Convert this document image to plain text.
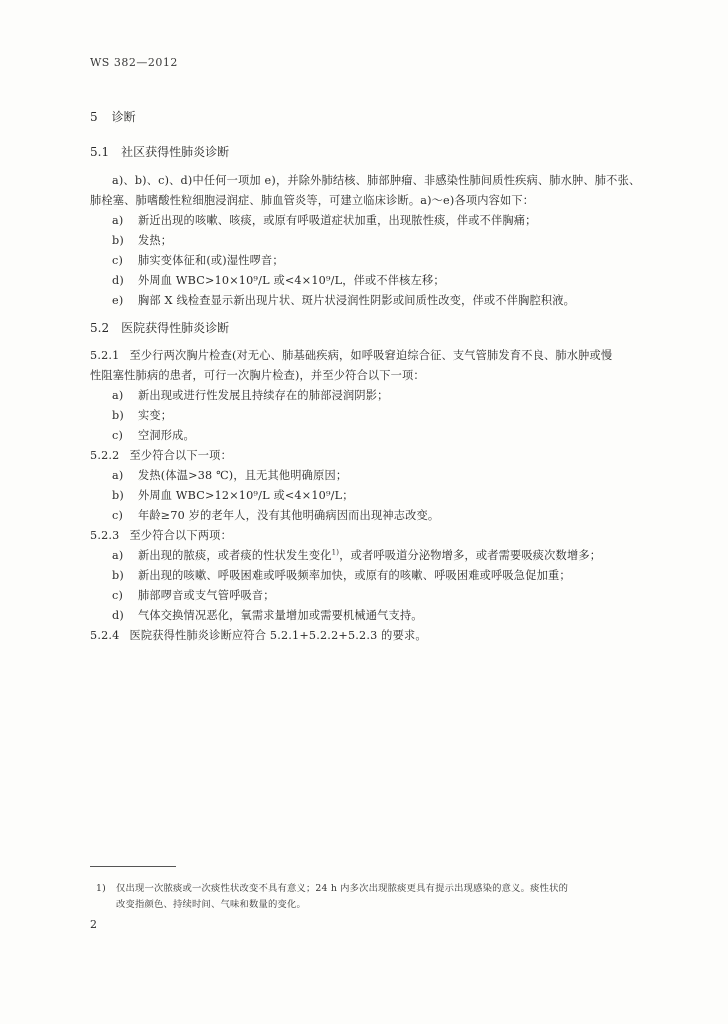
WS 382—2012
5 诊断
5.1 社区获得性肺炎诊断
a)、b)、c)、d)中任何一项加 e)，并除外肺结核、肺部肿瘤、非感染性肺间质性疾病、肺水肿、肺不张、
肺栓塞、肺嗜酸性粒细胞浸润症、肺血管炎等，可建立临床诊断。a)～e)各项内容如下：
a) 新近出现的咳嗽、咳痰，或原有呼吸道症状加重，出现脓性痰，伴或不伴胸痛；
b) 发热；
c) 肺实变体征和(或)湿性啰音；
d) 外周血 WBC>10×10⁹/L 或<4×10⁹/L，伴或不伴核左移；
e) 胸部 X 线检查显示新出现片状、斑片状浸润性阴影或间质性改变，伴或不伴胸腔积液。
5.2 医院获得性肺炎诊断
5.2.1 至少行两次胸片检查(对无心、肺基础疾病，如呼吸窘迫综合征、支气管肺发育不良、肺水肿或慢
性阻塞性肺病的患者，可行一次胸片检查)，并至少符合以下一项：
a) 新出现或进行性发展且持续存在的肺部浸润阴影；
b) 实变；
c) 空洞形成。
5.2.2 至少符合以下一项：
a) 发热(体温>38 ℃)，且无其他明确原因；
b) 外周血 WBC>12×10⁹/L 或<4×10⁹/L；
c) 年龄≥70 岁的老年人，没有其他明确病因而出现神志改变。
5.2.3 至少符合以下两项：
a) 新出现的脓痰，或者痰的性状发生变化$^{1)}$，或者呼吸道分泌物增多，或者需要吸痰次数增多；
b) 新出现的咳嗽、呼吸困难或呼吸频率加快，或原有的咳嗽、呼吸困难或呼吸急促加重；
c) 肺部啰音或支气管呼吸音；
d) 气体交换情况恶化，氧需求量增加或需要机械通气支持。
5.2.4 医院获得性肺炎诊断应符合 5.2.1+5.2.2+5.2.3 的要求。
1) 仅出现一次脓痰或一次痰性状改变不具有意义；24 h 内多次出现脓痰更具有提示出现感染的意义。痰性状的
改变指颜色、持续时间、气味和数量的变化。
2
